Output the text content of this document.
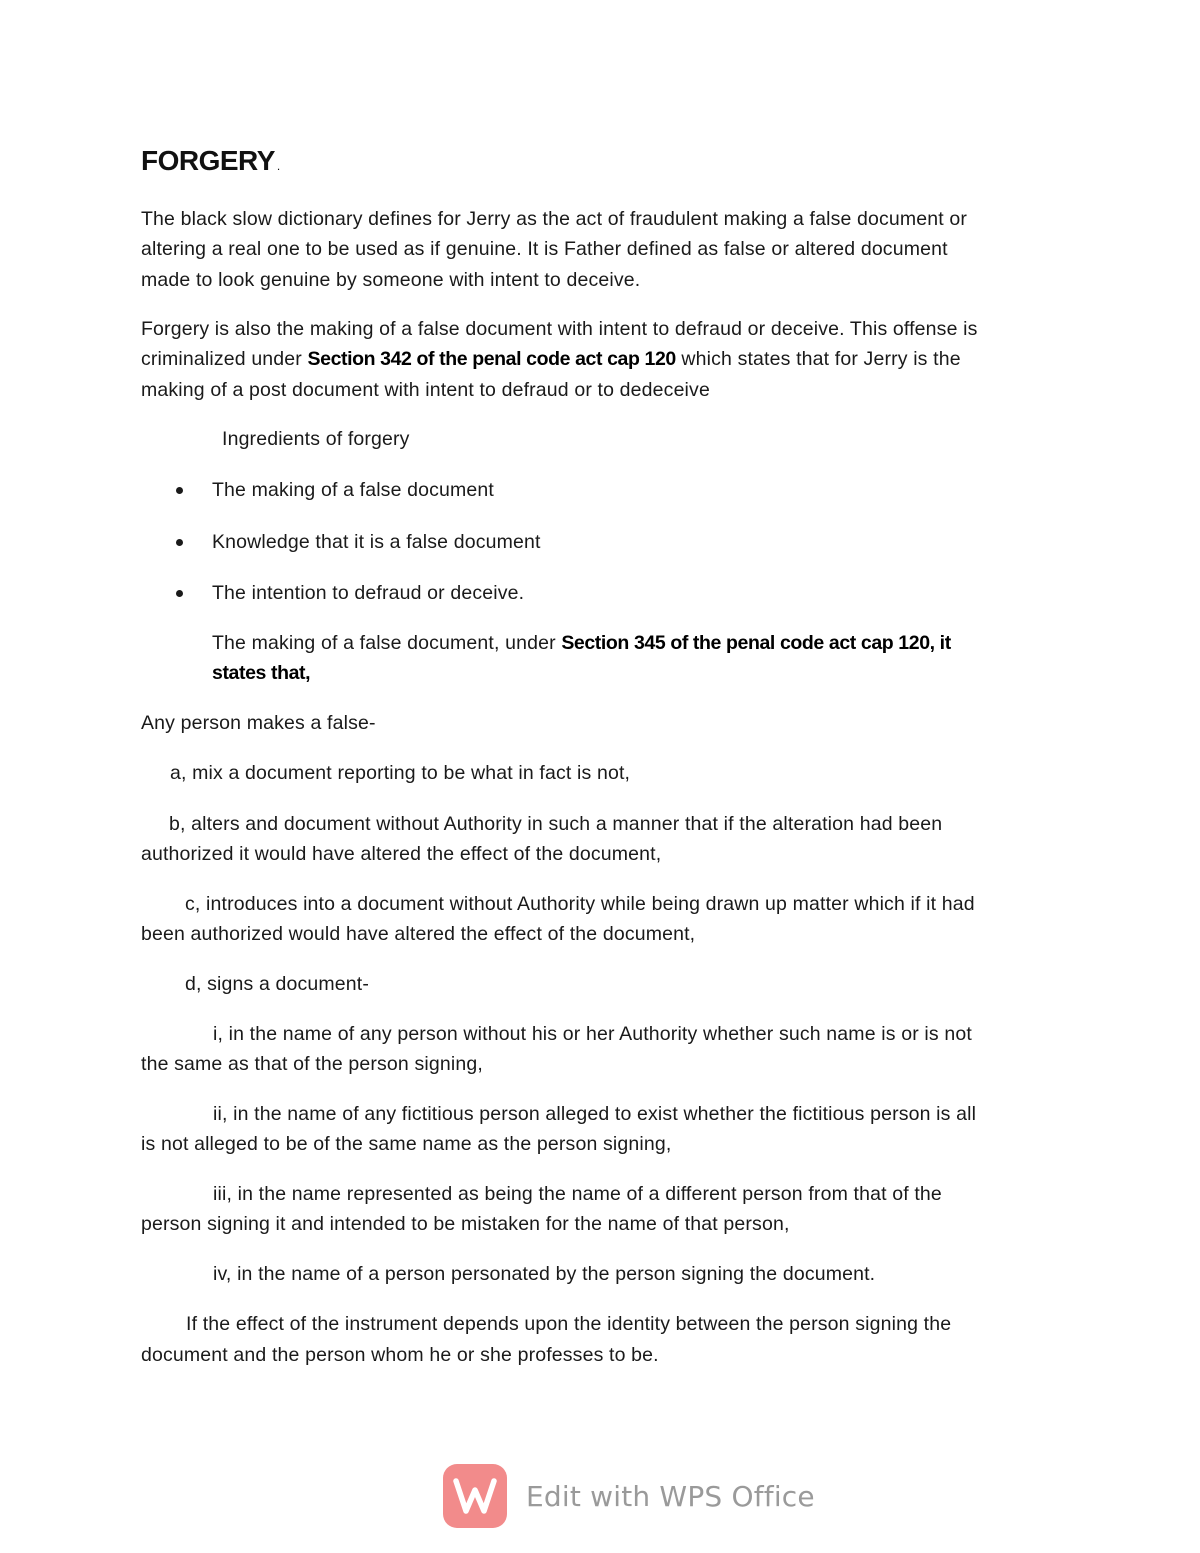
FORGERY .
The black slow dictionary defines for Jerry as the act of fraudulent making a false document or
altering a real one to be used as if genuine. It is Father defined as false or altered document
made to look genuine by someone with intent to deceive.
Forgery is also the making of a false document with intent to defraud or deceive. This offense is
criminalized under Section 342 of the penal code act cap 120 which states that for Jerry is the
making of a post document with intent to defraud or to dedeceive
Ingredients of forgery
The making of a false document
Knowledge that it is a false document
The intention to defraud or deceive.
The making of a false document, under Section 345 of the penal code act cap 120, it
states that,
Any person makes a false-
a, mix a document reporting to be what in fact is not,
b, alters and document without Authority in such a manner that if the alteration had been
authorized it would have altered the effect of the document,
c, introduces into a document without Authority while being drawn up matter which if it had
been authorized would have altered the effect of the document,
d, signs a document-
i, in the name of any person without his or her Authority whether such name is or is not
the same as that of the person signing,
ii, in the name of any fictitious person alleged to exist whether the fictitious person is all
is not alleged to be of the same name as the person signing,
iii, in the name represented as being the name of a different person from that of the
person signing it and intended to be mistaken for the name of that person,
iv, in the name of a person personated by the person signing the document.
If the effect of the instrument depends upon the identity between the person signing the
document and the person whom he or she professes to be.
Edit with WPS Office
